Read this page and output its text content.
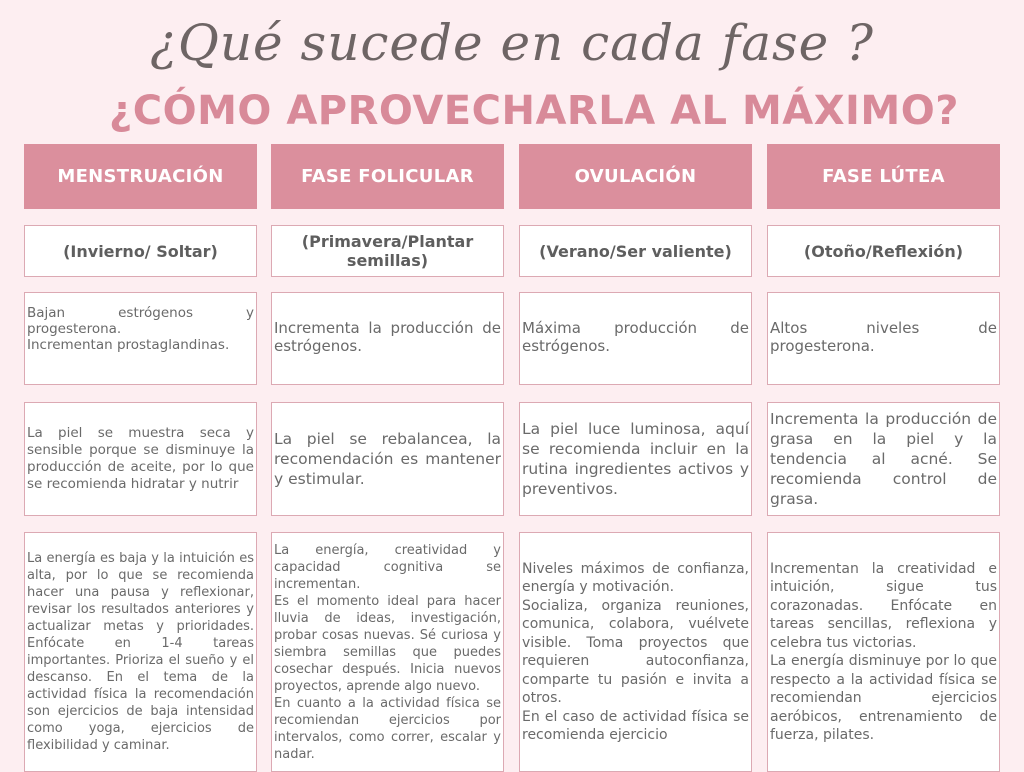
¿Qué sucede en cada fase ?
¿CÓMO APROVECHARLA AL MÁXIMO?
MENSTRUACIÓN
(Invierno/ Soltar)
Bajan estrógenos y progesterona.
Incrementan prostaglandinas.
La piel se muestra seca y sensible porque se disminuye la producción de aceite, por lo que se recomienda hidratar y nutrir
La energía es baja y la intuición es alta, por lo que se recomienda hacer una pausa y reflexionar, revisar los resultados anteriores y actualizar metas y prioridades. Enfócate en 1-4 tareas importantes. Prioriza el sueño y el descanso. En el tema de la actividad física la recomendación son ejercicios de baja intensidad como yoga, ejercicios de flexibilidad y caminar.
FASE FOLICULAR
(Primavera/Plantar semillas)
Incrementa la producción de estrógenos.
La piel se rebalancea, la recomendación es mantener y estimular.
La energía, creatividad y capacidad cognitiva se incrementan.
Es el momento ideal para hacer lluvia de ideas, investigación, probar cosas nuevas. Sé curiosa y siembra semillas que puedes cosechar después. Inicia nuevos proyectos, aprende algo nuevo.
En cuanto a la actividad física se recomiendan ejercicios por intervalos, como correr, escalar y nadar.
OVULACIÓN
(Verano/Ser valiente)
Máxima producción de estrógenos.
La piel luce luminosa, aquí se recomienda incluir en la rutina ingredientes activos y preventivos.
Niveles máximos de confianza, energía y motivación.
Socializa, organiza reuniones, comunica, colabora, vuélvete visible. Toma proyectos que requieren autoconfianza, comparte tu pasión e invita a otros.
En el caso de actividad física se recomienda ejercicio
FASE LÚTEA
(Otoño/Reflexión)
Altos niveles de progesterona.
Incrementa la producción de grasa en la piel y la tendencia al acné. Se recomienda control de grasa.
Incrementan la creatividad e intuición, sigue tus corazonadas. Enfócate en tareas sencillas, reflexiona y celebra tus victorias.
La energía disminuye por lo que respecto a la actividad física se recomiendan ejercicios aeróbicos, entrenamiento de fuerza, pilates.
